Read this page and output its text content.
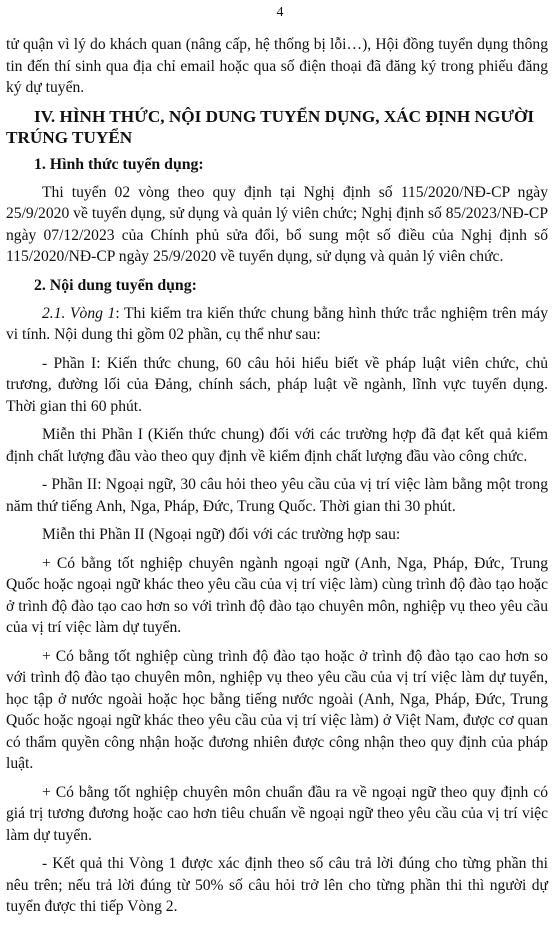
4

tử quận vì lý do khách quan (nâng cấp, hệ thống bị lỗi…), Hội đồng tuyển dụng thông tin đến thí sinh qua địa chỉ email hoặc qua số điện thoại đã đăng ký trong phiếu đăng ký dự tuyển.

IV. HÌNH THỨC, NỘI DUNG TUYỂN DỤNG, XÁC ĐỊNH NGƯỜI TRÚNG TUYỂN
1. Hình thức tuyển dụng:

Thi tuyển 02 vòng theo quy định tại Nghị định số 115/2020/NĐ-CP ngày 25/9/2020 về tuyển dụng, sử dụng và quản lý viên chức; Nghị định số 85/2023/NĐ-CP ngày 07/12/2023 của Chính phủ sửa đổi, bổ sung một số điều của Nghị định số 115/2020/NĐ-CP ngày 25/9/2020 về tuyển dụng, sử dụng và quản lý viên chức.

2. Nội dung tuyển dụng:

2.1. Vòng 1: Thi kiểm tra kiến thức chung bằng hình thức trắc nghiệm trên máy vi tính. Nội dung thi gồm 02 phần, cụ thể như sau:

- Phần I: Kiến thức chung, 60 câu hỏi hiểu biết về pháp luật viên chức, chủ trương, đường lối của Đảng, chính sách, pháp luật về ngành, lĩnh vực tuyển dụng. Thời gian thi 60 phút.

Miễn thi Phần I (Kiến thức chung) đối với các trường hợp đã đạt kết quả kiểm định chất lượng đầu vào theo quy định về kiểm định chất lượng đầu vào công chức.

- Phần II: Ngoại ngữ, 30 câu hỏi theo yêu cầu của vị trí việc làm bằng một trong năm thứ tiếng Anh, Nga, Pháp, Đức, Trung Quốc. Thời gian thi 30 phút.

Miễn thi Phần II (Ngoại ngữ) đối với các trường hợp sau:

+ Có bằng tốt nghiệp chuyên ngành ngoại ngữ (Anh, Nga, Pháp, Đức, Trung Quốc hoặc ngoại ngữ khác theo yêu cầu của vị trí việc làm) cùng trình độ đào tạo hoặc ở trình độ đào tạo cao hơn so với trình độ đào tạo chuyên môn, nghiệp vụ theo yêu cầu của vị trí việc làm dự tuyển.

+ Có bằng tốt nghiệp cùng trình độ đào tạo hoặc ở trình độ đào tạo cao hơn so với trình độ đào tạo chuyên môn, nghiệp vụ theo yêu cầu của vị trí việc làm dự tuyển, học tập ở nước ngoài hoặc học bằng tiếng nước ngoài (Anh, Nga, Pháp, Đức, Trung Quốc hoặc ngoại ngữ khác theo yêu cầu của vị trí việc làm) ở Việt Nam, được cơ quan có thẩm quyền công nhận hoặc đương nhiên được công nhận theo quy định của pháp luật.

+ Có bằng tốt nghiệp chuyên môn chuẩn đầu ra về ngoại ngữ theo quy định có giá trị tương đương hoặc cao hơn tiêu chuẩn về ngoại ngữ theo yêu cầu của vị trí việc làm dự tuyển.

- Kết quả thi Vòng 1 được xác định theo số câu trả lời đúng cho từng phần thi nêu trên; nếu trả lời đúng từ 50% số câu hỏi trở lên cho từng phần thi thì người dự tuyển được thi tiếp Vòng 2.
